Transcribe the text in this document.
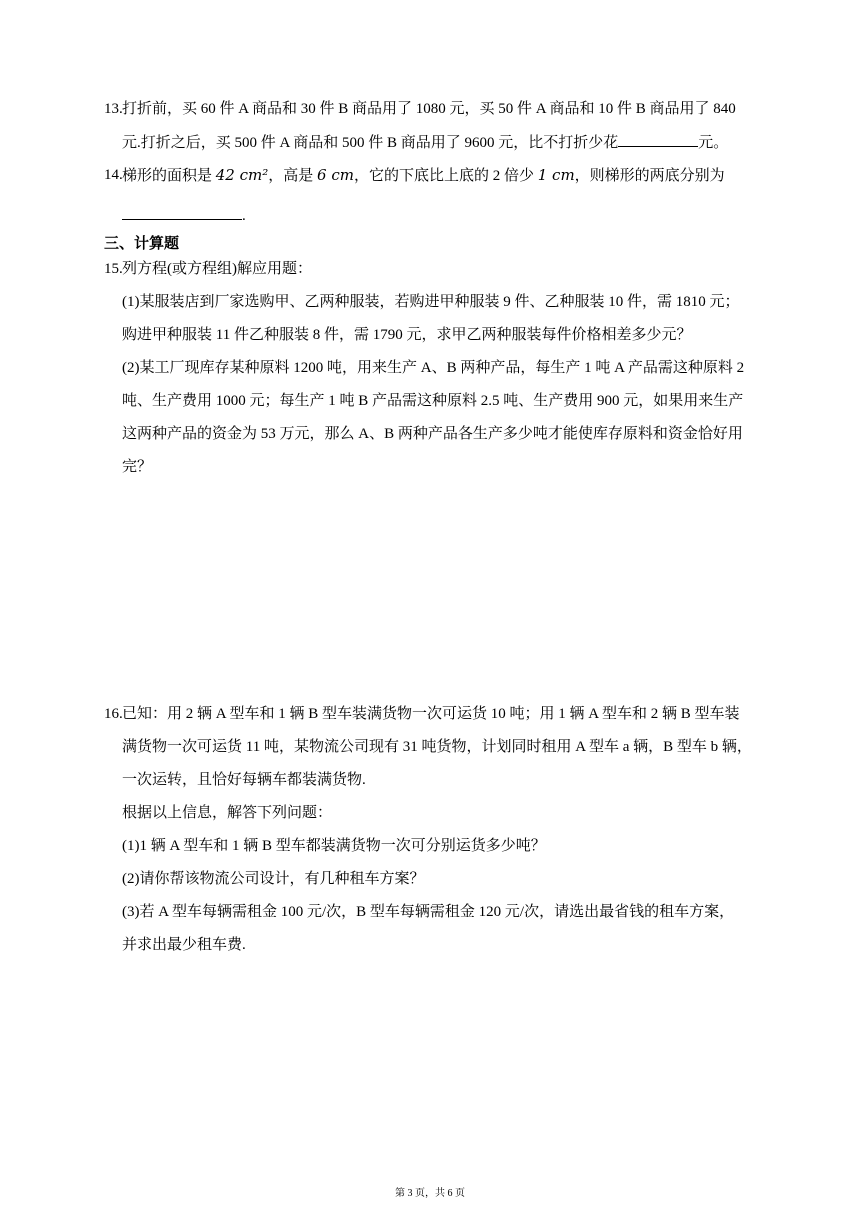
13. 打折前，买 60 件 A 商品和 30 件 B 商品用了 1080 元，买 50 件 A 商品和 10 件 B 商品用了 840
元.打折之后，买 500 件 A 商品和 500 件 B 商品用了 9600 元，比不打折少花	元。
14. 梯形的面积是 42 cm²，高是 6 cm，它的下底比上底的 2 倍少 1 cm，则梯形的两底分别为
.
三、计算题
15. 列方程(或方程组)解应用题：
(1)某服装店到厂家选购甲、乙两种服装，若购进甲种服装 9 件、乙种服装 10 件，需 1810 元；
购进甲种服装 11 件乙种服装 8 件，需 1790 元，求甲乙两种服装每件价格相差多少元？
(2)某工厂现库存某种原料 1200 吨，用来生产 A、B 两种产品，每生产 1 吨 A 产品需这种原料 2
吨、生产费用 1000 元；每生产 1 吨 B 产品需这种原料 2.5 吨、生产费用 900 元，如果用来生产
这两种产品的资金为 53 万元，那么 A、B 两种产品各生产多少吨才能使库存原料和资金恰好用
完？
16. 已知：用 2 辆 A 型车和 1 辆 B 型车装满货物一次可运货 10 吨；用 1 辆 A 型车和 2 辆 B 型车装
满货物一次可运货 11 吨，某物流公司现有 31 吨货物，计划同时租用 A 型车 a 辆，B 型车 b 辆，
一次运转，且恰好每辆车都装满货物.
根据以上信息，解答下列问题：
(1)1 辆 A 型车和 1 辆 B 型车都装满货物一次可分别运货多少吨？
(2)请你帮该物流公司设计，有几种租车方案？
(3)若 A 型车每辆需租金 100 元/次，B 型车每辆需租金 120 元/次，请选出最省钱的租车方案，
并求出最少租车费.
第 3 页，共 6 页
